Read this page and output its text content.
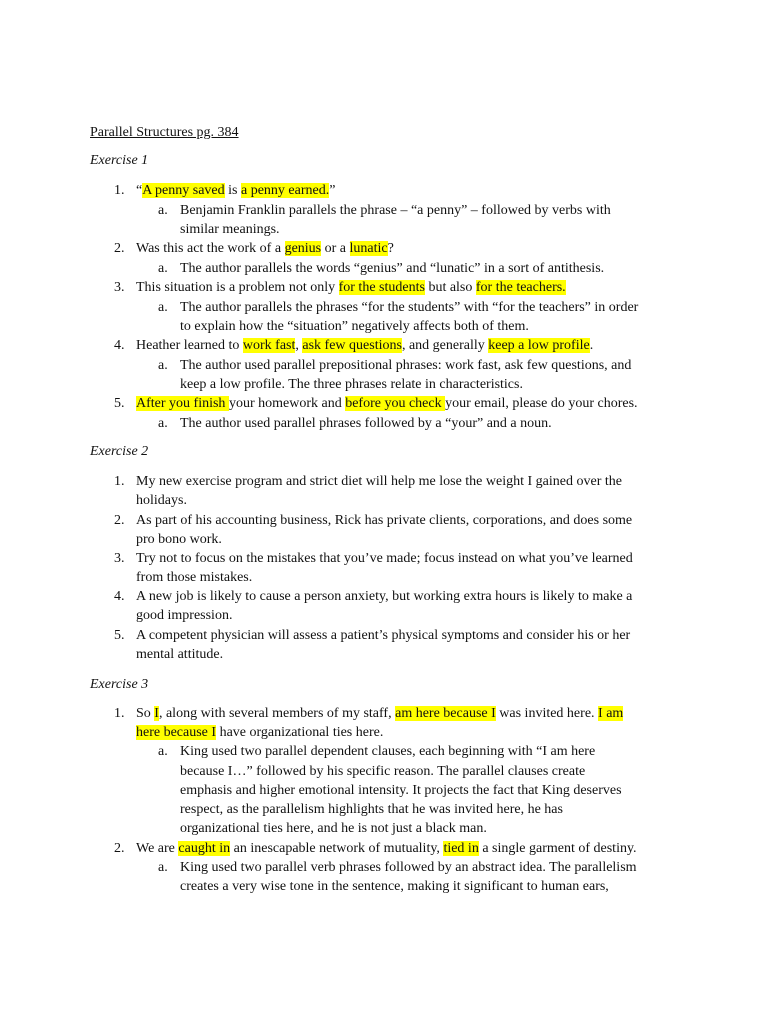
Parallel Structures pg. 384
Exercise 1
1. “A penny saved is a penny earned.”
a. Benjamin Franklin parallels the phrase – “a penny” – followed by verbs with
similar meanings.
2. Was this act the work of a genius or a lunatic?
a. The author parallels the words “genius” and “lunatic” in a sort of antithesis.
3. This situation is a problem not only for the students but also for the teachers.
a. The author parallels the phrases “for the students” with “for the teachers” in order
to explain how the “situation” negatively affects both of them.
4. Heather learned to work fast, ask few questions, and generally keep a low profile.
a. The author used parallel prepositional phrases: work fast, ask few questions, and
keep a low profile. The three phrases relate in characteristics.
5. After you finish your homework and before you check your email, please do your chores.
a. The author used parallel phrases followed by a “your” and a noun.
Exercise 2
1. My new exercise program and strict diet will help me lose the weight I gained over the
holidays.
2. As part of his accounting business, Rick has private clients, corporations, and does some
pro bono work.
3. Try not to focus on the mistakes that you’ve made; focus instead on what you’ve learned
from those mistakes.
4. A new job is likely to cause a person anxiety, but working extra hours is likely to make a
good impression.
5. A competent physician will assess a patient’s physical symptoms and consider his or her
mental attitude.
Exercise 3
1. So I, along with several members of my staff, am here because I was invited here. I am
here because I have organizational ties here.
a. King used two parallel dependent clauses, each beginning with “I am here
because I…” followed by his specific reason. The parallel clauses create
emphasis and higher emotional intensity. It projects the fact that King deserves
respect, as the parallelism highlights that he was invited here, he has
organizational ties here, and he is not just a black man.
2. We are caught in an inescapable network of mutuality, tied in a single garment of destiny.
a. King used two parallel verb phrases followed by an abstract idea. The parallelism
creates a very wise tone in the sentence, making it significant to human ears,
